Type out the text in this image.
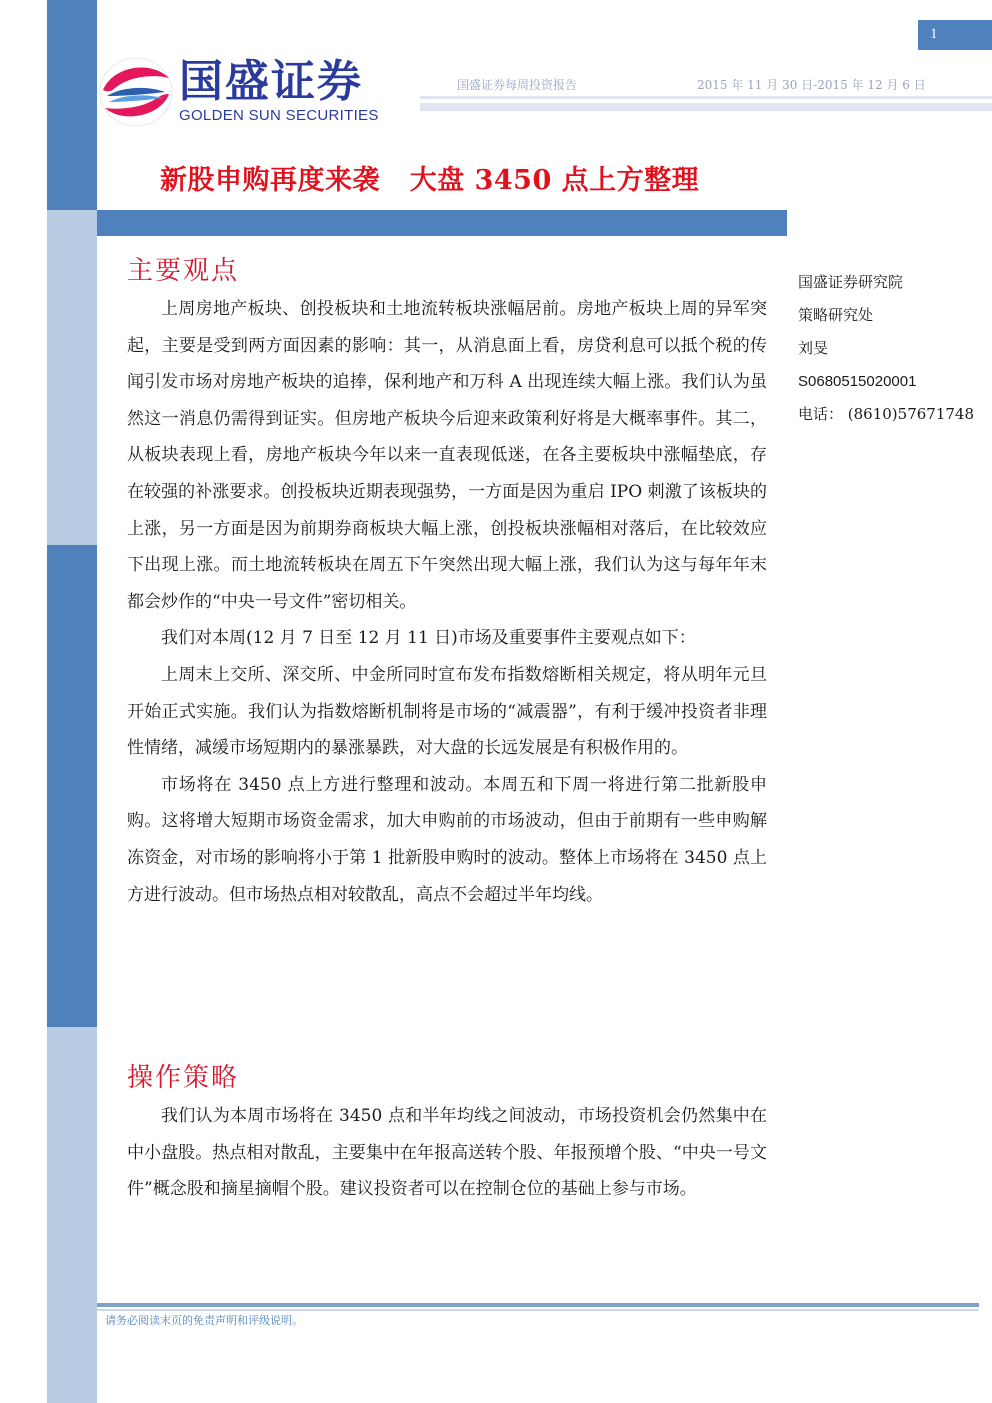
1
国盛证券
GOLDEN SUN SECURITIES
国盛证券每周投资报告	2015 年 11 月 30 日-2015 年 12 月 6 日
新股申购再度来袭   大盘 3450 点上方整理
主要观点

上周房地产板块、创投板块和土地流转板块涨幅居前。房地产板块上周的异军突起，主要是受到两方面因素的影响：其一，从消息面上看，房贷利息可以抵个税的传闻引发市场对房地产板块的追捧，保利地产和万科 A 出现连续大幅上涨。我们认为虽然这一消息仍需得到证实。但房地产板块今后迎来政策利好将是大概率事件。其二，从板块表现上看，房地产板块今年以来一直表现低迷，在各主要板块中涨幅垫底，存在较强的补涨要求。创投板块近期表现强势，一方面是因为重启 IPO 刺激了该板块的上涨，另一方面是因为前期券商板块大幅上涨，创投板块涨幅相对落后，在比较效应下出现上涨。而土地流转板块在周五下午突然出现大幅上涨，我们认为这与每年年末都会炒作的“中央一号文件”密切相关。

我们对本周(12 月 7 日至 12 月 11 日)市场及重要事件主要观点如下：

上周末上交所、深交所、中金所同时宣布发布指数熔断相关规定，将从明年元旦开始正式实施。我们认为指数熔断机制将是市场的“减震器”，有利于缓冲投资者非理性情绪，减缓市场短期内的暴涨暴跌，对大盘的长远发展是有积极作用的。

市场将在 3450 点上方进行整理和波动。本周五和下周一将进行第二批新股申购。这将增大短期市场资金需求，加大申购前的市场波动，但由于前期有一些申购解冻资金，对市场的影响将小于第 1 批新股申购时的波动。整体上市场将在 3450 点上方进行波动。但市场热点相对较散乱，高点不会超过半年均线。

操作策略

我们认为本周市场将在 3450 点和半年均线之间波动，市场投资机会仍然集中在中小盘股。热点相对散乱，主要集中在年报高送转个股、年报预增个股、“中央一号文件”概念股和摘星摘帽个股。建议投资者可以在控制仓位的基础上参与市场。

国盛证券研究院
策略研究处
刘旻
S0680515020001
电话： (8610)57671748
请务必阅读末页的免责声明和评级说明。
